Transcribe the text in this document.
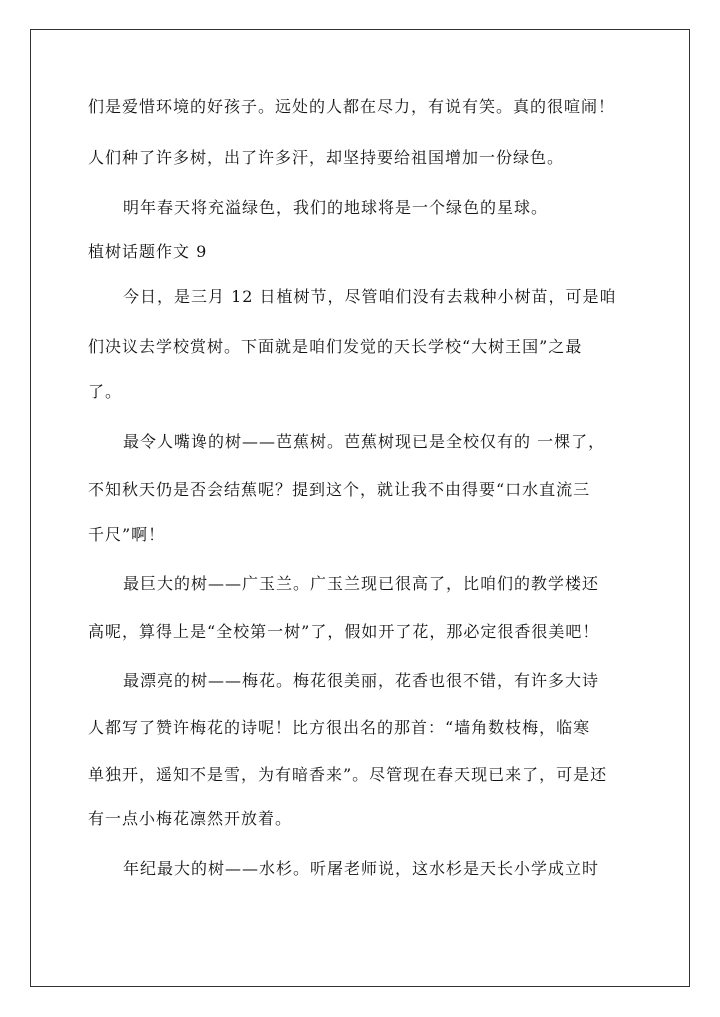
们是爱惜环境的好孩子。远处的人都在尽力，有说有笑。真的很喧闹！
人们种了许多树，出了许多汗，却坚持要给祖国增加一份绿色。
明年春天将充溢绿色，我们的地球将是一个绿色的星球。
植树话题作文 9
今日，是三月 12 日植树节，尽管咱们没有去栽种小树苗，可是咱
们决议去学校赏树。下面就是咱们发觉的天长学校“大树王国”之最
了。
最令人嘴谗的树——芭蕉树。芭蕉树现已是全校仅有的 一棵了，
不知秋天仍是否会结蕉呢？提到这个，就让我不由得要“口水直流三
千尺”啊！
最巨大的树——广玉兰。广玉兰现已很高了，比咱们的教学楼还
高呢，算得上是“全校第一树”了，假如开了花，那必定很香很美吧！
最漂亮的树——梅花。梅花很美丽，花香也很不错，有许多大诗
人都写了赞许梅花的诗呢！比方很出名的那首：“墙角数枝梅，临寒
单独开，遥知不是雪，为有暗香来”。尽管现在春天现已来了，可是还
有一点小梅花凛然开放着。
年纪最大的树——水杉。听屠老师说，这水杉是天长小学成立时
